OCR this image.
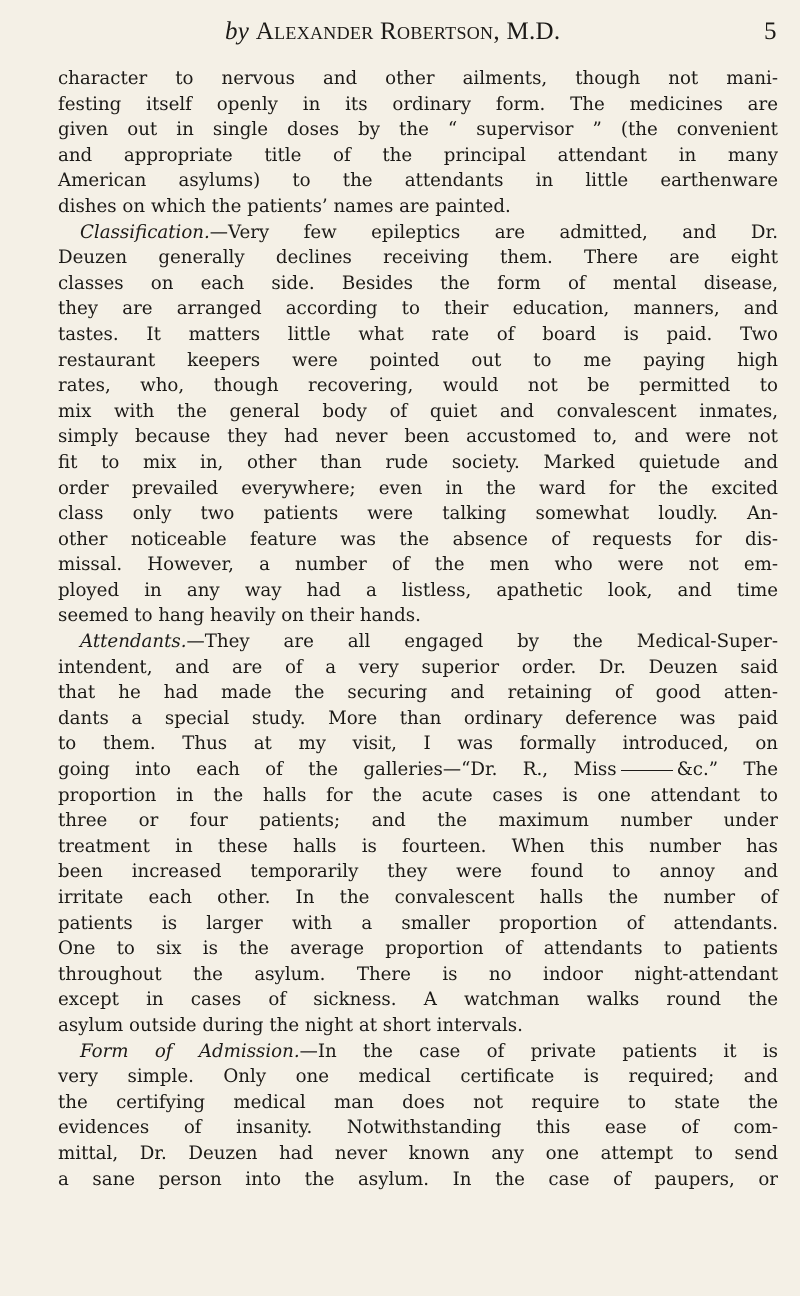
by Alexander Robertson, M.D.	5
character to nervous and other ailments, though not mani-
festing itself openly in its ordinary form. The medicines are
given out in single doses by the “ supervisor ” (the convenient
and appropriate title of the principal attendant in many
American asylums) to the attendants in little earthenware
dishes on which the patients’ names are painted.
Classification.—Very few epileptics are admitted, and Dr.
Deuzen generally declines receiving them. There are eight
classes on each side. Besides the form of mental disease,
they are arranged according to their education, manners, and
tastes. It matters little what rate of board is paid. Two
restaurant keepers were pointed out to me paying high
rates, who, though recovering, would not be permitted to
mix with the general body of quiet and convalescent inmates,
simply because they had never been accustomed to, and were not
fit to mix in, other than rude society. Marked quietude and
order prevailed everywhere; even in the ward for the excited
class only two patients were talking somewhat loudly. An-
other noticeable feature was the absence of requests for dis-
missal. However, a number of the men who were not em-
ployed in any way had a listless, apathetic look, and time
seemed to hang heavily on their hands.
Attendants.—They are all engaged by the Medical-Super-
intendent, and are of a very superior order. Dr. Deuzen said
that he had made the securing and retaining of good atten-
dants a special study. More than ordinary deference was paid
to them. Thus at my visit, I was formally introduced, on
going into each of the galleries—“Dr. R., Miss	&c.” The
proportion in the halls for the acute cases is one attendant to
three or four patients; and the maximum number under
treatment in these halls is fourteen. When this number has
been increased temporarily they were found to annoy and
irritate each other. In the convalescent halls the number of
patients is larger with a smaller proportion of attendants.
One to six is the average proportion of attendants to patients
throughout the asylum. There is no indoor night-attendant
except in cases of sickness. A watchman walks round the
asylum outside during the night at short intervals.
Form of Admission.—In the case of private patients it is
very simple. Only one medical certificate is required; and
the certifying medical man does not require to state the
evidences of insanity. Notwithstanding this ease of com-
mittal, Dr. Deuzen had never known any one attempt to send
a sane person into the asylum. In the case of paupers, or
